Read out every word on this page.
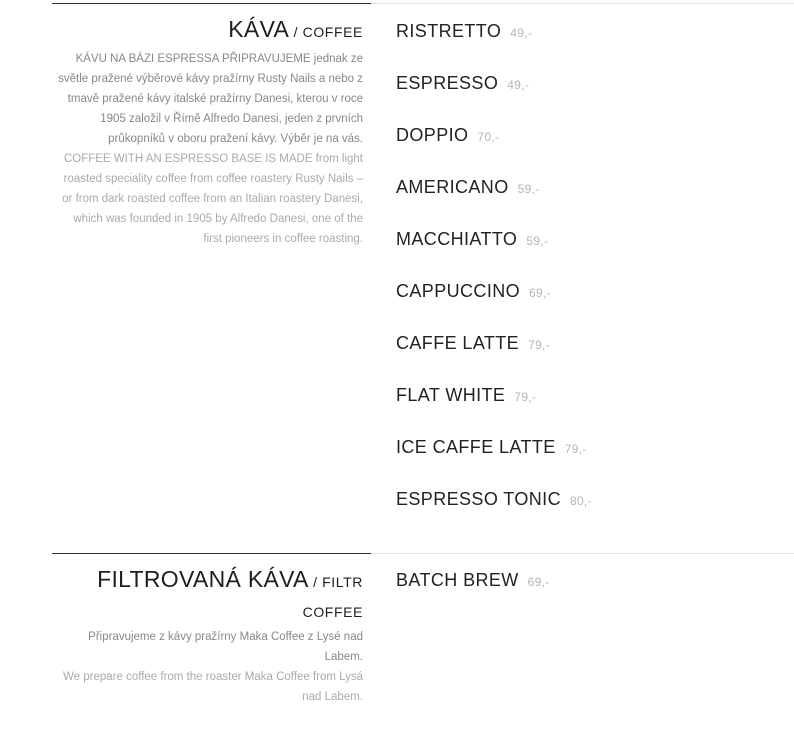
KÁVA / COFFEE

KÁVU NA BÁZI ESPRESSA PŘIPRAVUJEME jednak ze světle pražené výběrové kávy pražírny Rusty Nails a nebo z tmavě pražené kávy italské pražírny Danesi, kterou v roce 1905 založil v Římě Alfredo Danesi, jeden z prvních průkopníků v oboru pražení kávy. Výběr je na vás.

COFFEE WITH AN ESPRESSO BASE IS MADE from light roasted speciality coffee from coffee roastery Rusty Nails – or from dark roasted coffee from an Italian roastery Danesi, which was founded in 1905 by Alfredo Danesi, one of the first pioneers in coffee roasting.

RISTRETTO 49,-
ESPRESSO 49,-
DOPPIO 70,-
AMERICANO 59,-
MACCHIATTO 59,-
CAPPUCCINO 69,-
CAFFE LATTE 79,-
FLAT WHITE 79,-
ICE CAFFE LATTE 79,-
ESPRESSO TONIC 80,-
FILTROVANÁ KÁVA / FILTR
COFFEE

Připravujeme z kávy pražírny Maka Coffee z Lysé nad Labem.

We prepare coffee from the roaster Maka Coffee from Lysá nad Labem.

BATCH BREW 69,-
